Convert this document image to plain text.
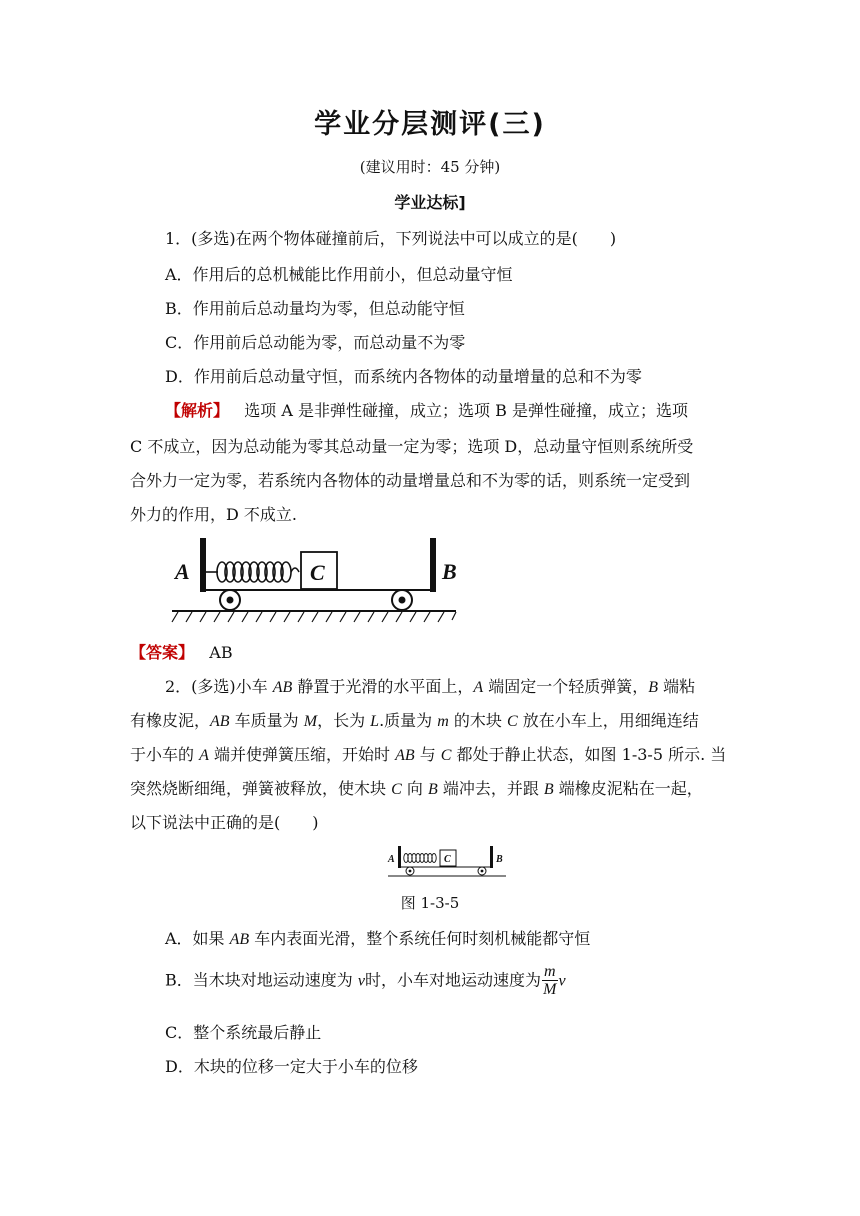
学业分层测评(三)
(建议用时：45 分钟)
学业达标]
1．(多选)在两个物体碰撞前后，下列说法中可以成立的是(　　)
A．作用后的总机械能比作用前小，但总动量守恒
B．作用前后总动量均为零，但总动能守恒
C．作用前后总动能为零，而总动量不为零
D．作用前后总动量守恒，而系统内各物体的动量增量的总和不为零
【解析】 选项 A 是非弹性碰撞，成立；选项 B 是弹性碰撞，成立；选项
C 不成立，因为总动能为零其总动量一定为零；选项 D，总动量守恒则系统所受
合外力一定为零，若系统内各物体的动量增量总和不为零的话，则系统一定受到
外力的作用，D 不成立.
A	B
C
【答案】 AB
2．(多选)小车 AB 静置于光滑的水平面上，A 端固定一个轻质弹簧，B 端粘
有橡皮泥，AB 车质量为 M，长为 L.质量为 m 的木块 C 放在小车上，用细绳连结
于小车的 A 端并使弹簧压缩，开始时 AB 与 C 都处于静止状态，如图 1-3-5 所示. 当
突然烧断细绳，弹簧被释放，使木块 C 向 B 端冲去，并跟 B 端橡皮泥粘在一起，
以下说法中正确的是(　　)
A	B
C
图 1-3-5
A．如果 AB 车内表面光滑，整个系统任何时刻机械能都守恒
B．当木块对地运动速度为 v时，小车对地运动速度为 $\frac{m}{M}$ v
C．整个系统最后静止
D．木块的位移一定大于小车的位移
